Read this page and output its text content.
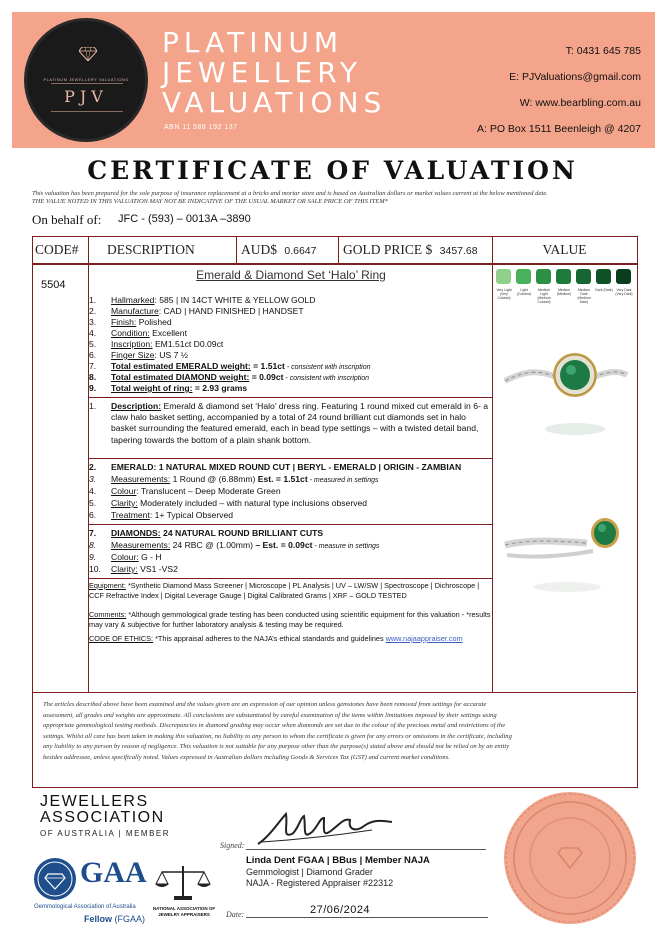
PLATINUM JEWELLERY VALUATIONS
PJV
PLATINUM
JEWELLERY
VALUATIONS
ABN 11 588 192 137
T: 0431 645 785
E: PJValuations@gmail.com
W: www.bearbling.com.au
A: PO Box 1511 Beenleigh @ 4207
CERTIFICATE OF VALUATION
This valuation has been prepared for the sole purpose of insurance replacement at a bricks and mortar store and is based on Australian dollars or market values current at the below mentioned date.
THE VALUE NOTED IN THIS VALUATION MAY NOT BE INDICATIVE OF THE USUAL MARKET OR SALE PRICE OF THIS ITEM*
On behalf of: JFC - (593) – 0013A –3890
CODE#	DESCRIPTION	AUD$ 0.6647	GOLD PRICE $ 3457.68	VALUE
5504
Emerald & Diamond Set ‘Halo’ Ring
1. Hallmarked: 585 | IN 14CT WHITE & YELLOW GOLD
2. Manufacture: CAD | HAND FINISHED | HANDSET
3. Finish: Polished
4. Condition: Excellent
5. Inscription: EM1.51ct D0.09ct
6. Finger Size: US 7 ½
7. Total estimated EMERALD weight: = 1.51ct - consistent with inscription
8. Total estimated DIAMOND weight: = 0.09ct - consistent with inscription
9. Total weight of ring: = 2.93 grams
1. Description: Emerald & diamond set ‘Halo’ dress ring. Featuring 1 round mixed cut emerald in 6- a claw halo basket setting, accompanied by a total of 24 round brilliant cut diamonds set in halo basket surrounding the featured emerald, each in bead type settings – with a twisted detail band, tapering towards the bottom of a plain shank bottom.
2. EMERALD: 1 NATURAL MIXED ROUND CUT | BERYL - EMERALD | ORIGIN - ZAMBIAN
3. Measurements: 1 Round @ (6.88mm) Est. = 1.51ct - measured in settings
4. Colour: Translucent – Deep Moderate Green
5. Clarity: Moderately included – with natural type inclusions observed
6. Treatment: 1+ Typical Observed
7. DIAMONDS: 24 NATURAL ROUND BRILLIANT CUTS
8. Measurements: 24 RBC @ (1.00mm) – Est. = 0.09ct - measure in settings
9. Colour: G - H
10. Clarity: VS1 -VS2
Equipment: *Synthetic Diamond Mass Screener | Microscope | PL Analysis | UV – LW/SW | Spectroscope | Dichroscope | CCF Refractive Index | Digital Leverage Gauge | Digital Calibrated Grams | XRF – GOLD TESTED
Comments: *Although gemmological grade testing has been conducted using scientific equipment for this valuation - *results may vary & subjective for further laboratory analysis & testing may be required.
CODE OF ETHICS: *This appraisal adheres to the NAJA’s ethical standards and guidelines www.najaappraiser.com
Very Light (Very Colored)
Light (Colored)
Medium Light (Medium Colored)
Medium (Medium)
Medium Dark (Medium Dark)
Dark (Dark)	Very Dark (Very Dark)
The articles described above have been examined and the values given are an expression of our opinion unless gemstones have been removed from settings for accurate assessment, all grades and weights are approximate. All conclusions are substantiated by careful examination of the items within limitations imposed by their settings using appropriate gemmological testing methods. Discrepancies in diamond grading may occur when diamonds are set due to the colour of the precious metal and restrictions of the settings. Whilst all care has been taken in making this valuation, no liability to any person to whom the certificate is given for any errors or omissions in the certificate, including any liability to any person by reason of negligence. This valuation is not suitable for any purpose other than the purpose(s) stated above and should not be relied on by an entity besides addressee, unless specifically noted. Values expressed in Australian dollars including Goods & Services Tax (GST) and current market conditions.
JEWELLERS
ASSOCIATION
OF AUSTRALIA | MEMBER
GAA
Gemmological Association of Australia
Fellow (FGAA)
NATIONAL ASSOCIATION OF JEWELRY APPRAISERS
Signed:
Linda Dent FGAA | BBus | Member NAJA
Gemmologist | Diamond Grader
NAJA - Registered Appraiser #22312
Date:	27/06/2024
